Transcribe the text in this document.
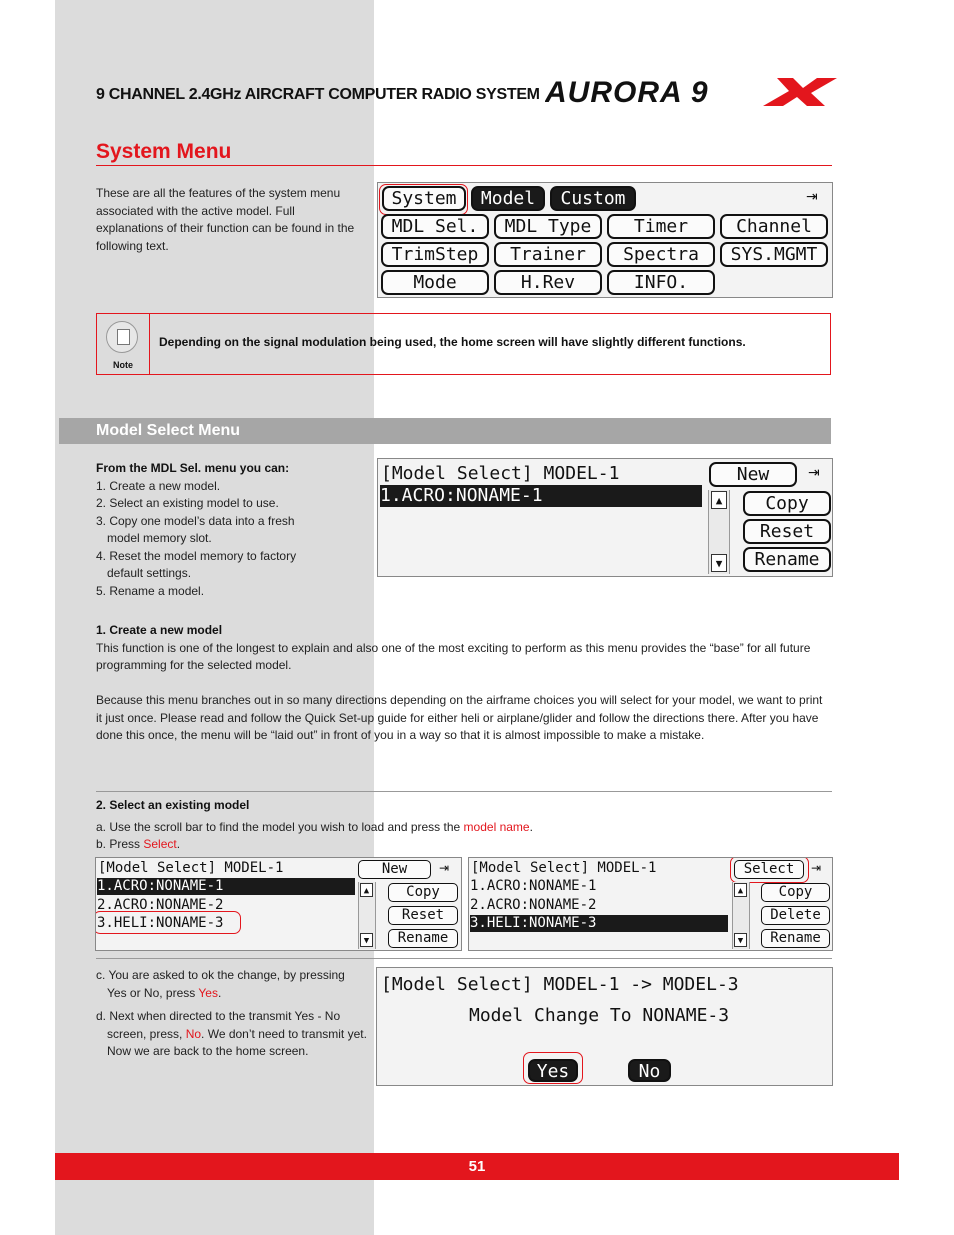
9 CHANNEL 2.4GHz AIRCRAFT COMPUTER RADIO SYSTEM AURORA 9
System Menu

These are all the features of the system menu associated with the active model. Full explanations of their function can be found in the following text.

System	Model	Custom	⇥
MDL Sel.	MDL Type	Timer	Channel
TrimStep	Trainer	Spectra	SYS.MGMT
Mode	H.Rev	INFO.
Note
Depending on the signal modulation being used, the home screen will have slightly different functions.
Model Select Menu

From the MDL Sel. menu you can:

1. Create a new model.

2. Select an existing model to use.

3. Copy one model’s data into a fresh

model memory slot.

4. Reset the model memory to factory

default settings.

5. Rename a model.

[Model Select] MODEL-1
1.ACRO:NONAME-1
New	⇥
▲
▼
Copy
Reset
Rename

1. Create a new model

This function is one of the longest to explain and also one of the most exciting to perform as this menu provides the “base” for all future

programming for the selected model.

Because this menu branches out in so many directions depending on the airframe choices you will select for your model, we want to print

it just once. Please read and follow the Quick Set-up guide for either heli or airplane/glider and follow the directions there. After you have

done this once, the menu will be “laid out” in front of you in a way so that it is almost impossible to make a mistake.

2. Select an existing model

a. Use the scroll bar to find the model you wish to load and press the model name.

b. Press Select.

[Model Select] MODEL-1
1.ACRO:NONAME-1
2.ACRO:NONAME-2
3.HELI:NONAME-3
New	⇥
▲
▼
Copy
Reset
Rename
[Model Select] MODEL-1
1.ACRO:NONAME-1
2.ACRO:NONAME-2
3.HELI:NONAME-3
Select	⇥
▲
▼
Copy
Delete
Rename

c. You are asked to ok the change, by pressing

Yes or No, press Yes.

d. Next when directed to the transmit Yes - No

screen, press, No. We don’t need to transmit yet.

Now we are back to the home screen.

[Model Select] MODEL-1 -> MODEL-3
Model Change To NONAME-3
Yes	No
51
